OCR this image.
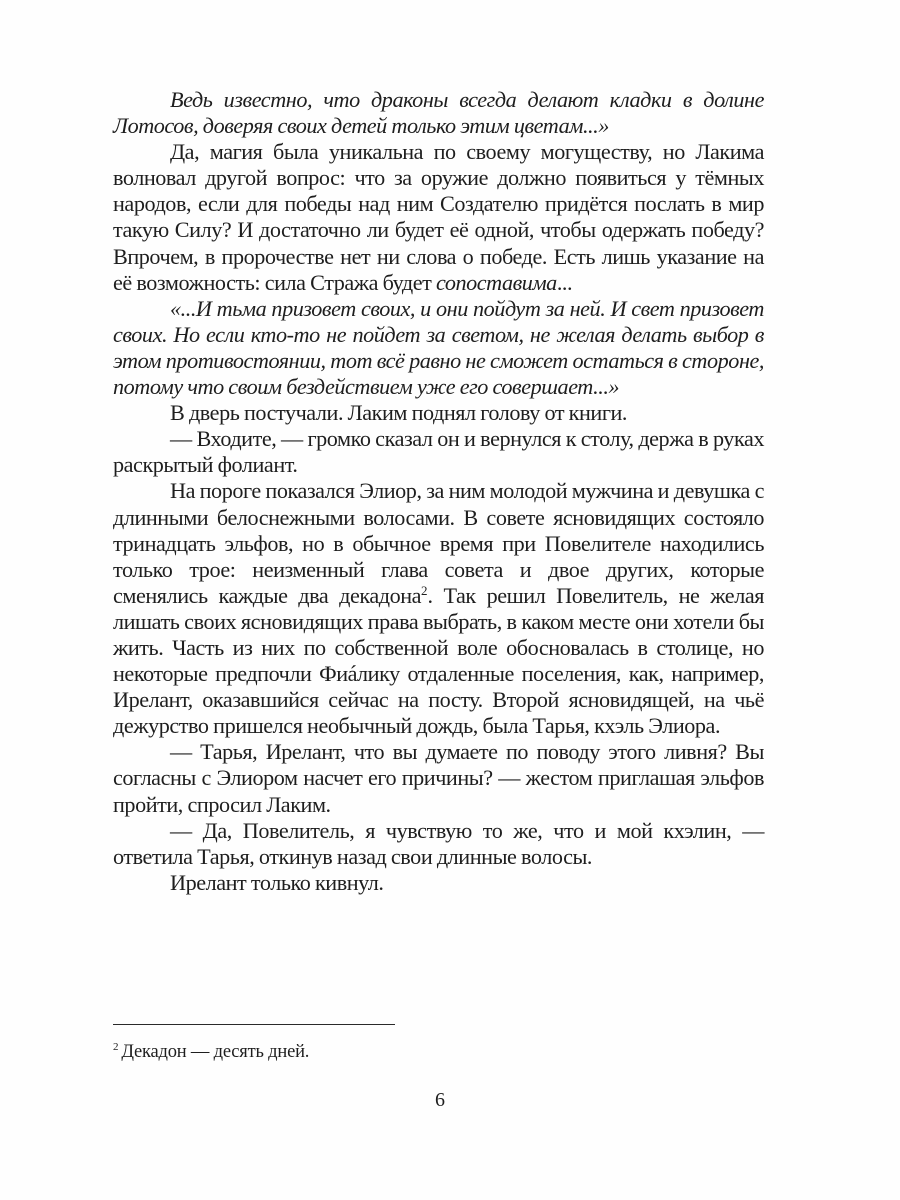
Ведь известно, что драконы всегда делают кладки в долине Лотосов, доверяя своих детей только этим цветам...»

Да, магия была уникальна по своему могуществу, но Лакима волновал другой вопрос: что за оружие должно появиться у тёмных народов, если для победы над ним Создателю придётся послать в мир такую Силу? И достаточно ли будет её одной, чтобы одержать победу? Впрочем, в пророчестве нет ни слова о победе. Есть лишь указание на её возможность: сила Стража будет сопоставима...

«...И тьма призовет своих, и они пойдут за ней. И свет призовет своих. Но если кто-то не пойдет за светом, не желая делать выбор в этом противостоянии, тот всё равно не сможет остаться в стороне, потому что своим бездействием уже его совершает...»

В дверь постучали. Лаким поднял голову от книги.

— Входите, — громко сказал он и вернулся к столу, держа в руках раскрытый фолиант.

На пороге показался Элиор, за ним молодой мужчина и девушка с длинными белоснежными волосами. В совете ясновидящих состояло тринадцать эльфов, но в обычное время при Повелителе находились только трое: неизменный глава совета и двое других, которые сменялись каждые два декадона$^2$. Так решил Повелитель, не желая лишать своих ясновидящих права выбрать, в каком месте они хотели бы жить. Часть из них по собственной воле обосновалась в столице, но некоторые предпочли Фиáлику отдаленные поселения, как, например, Ирелант, оказавшийся сейчас на посту. Второй ясновидящей, на чьё дежурство пришелся необычный дождь, была Тарья, кхэль Элиора.

— Тарья, Ирелант, что вы думаете по поводу этого ливня? Вы согласны с Элиором насчет его причины? — жестом приглашая эльфов пройти, спросил Лаким.

— Да, Повелитель, я чувствую то же, что и мой кхэлин, — ответила Тарья, откинув назад свои длинные волосы.

Ирелант только кивнул.

$^2$ Декадон — десять дней.
6
